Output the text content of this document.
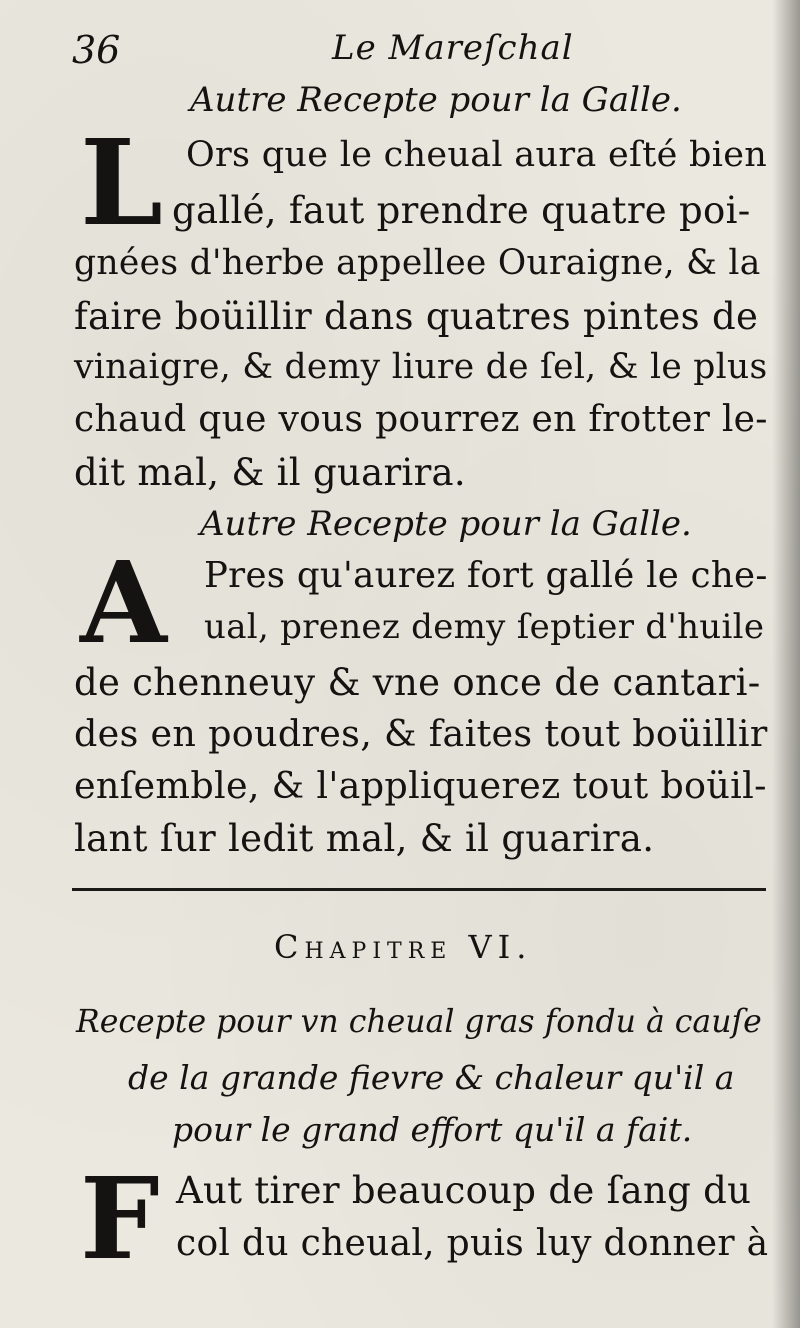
36	Le Mareſchal
Autre Recepte pour la Galle.
L Ors que le cheual aura eſté bien
gallé, faut prendre quatre poi-
gnées d'herbe appellee Ouraigne, & la
faire boüillir dans quatres pintes de
vinaigre, & demy liure de ſel, & le plus
chaud que vous pourrez en frotter le-
dit mal, & il guarira.
Autre Recepte pour la Galle.
A Pres qu'aurez fort gallé le che-
ual, prenez demy ſeptier d'huile
de chenneuy & vne once de cantari-
des en poudres, & faites tout boüillir
enſemble, & l'appliquerez tout boüil-
lant ſur ledit mal, & il guarira.
Chapitre VI.
Recepte pour vn cheual gras fondu à cauſe
de la grande fievre & chaleur qu'il a
pour le grand effort qu'il a fait.
F Aut tirer beaucoup de ſang du
col du cheual, puis luy donner à
